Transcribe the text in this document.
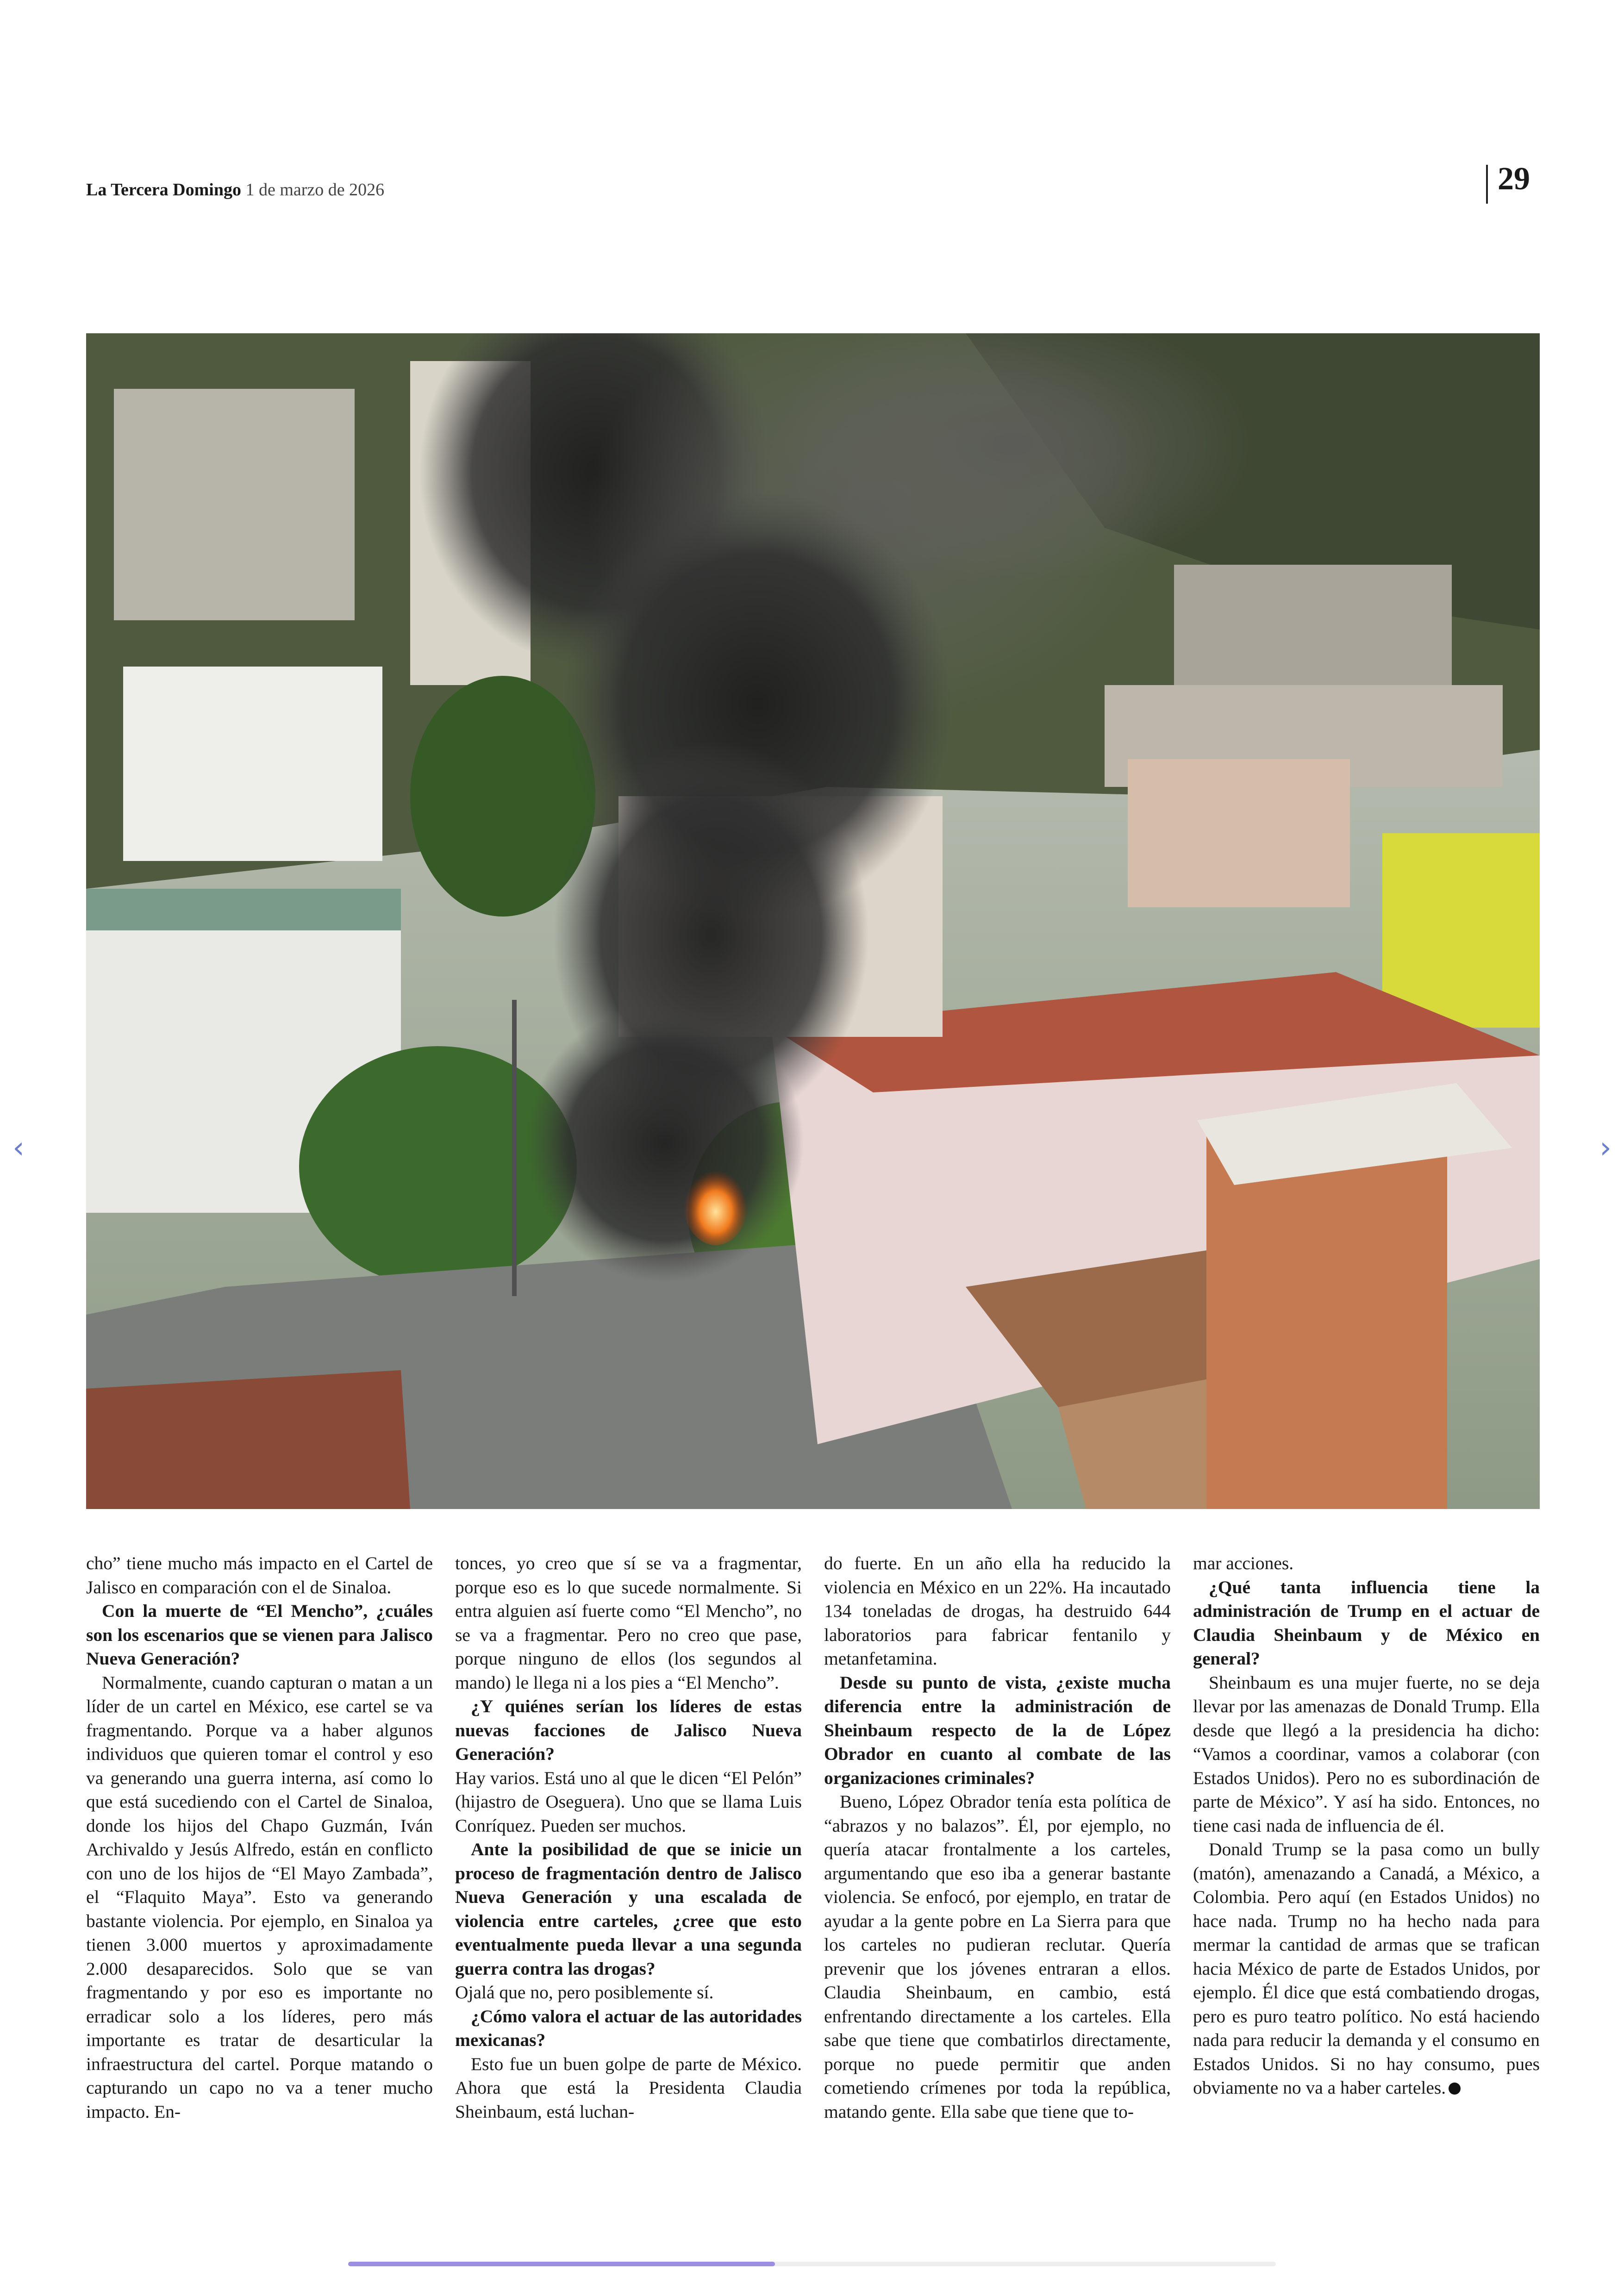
La Tercera Domingo 1 de marzo de 2026	29
‹	›

cho” tiene mucho más impacto en el Cartel de Jalisco en comparación con el de Sinaloa.

Con la muerte de “El Mencho”, ¿cuáles son los escenarios que se vienen para Jalisco Nueva Generación?

Normalmente, cuando capturan o matan a un líder de un cartel en México, ese cartel se va fragmentando. Porque va a haber algunos individuos que quieren tomar el control y eso va generando una guerra interna, así como lo que está sucediendo con el Cartel de Sinaloa, donde los hijos del Chapo Guzmán, Iván Archivaldo y Jesús Alfredo, están en conflicto con uno de los hijos de “El Mayo Zambada”, el “Flaquito Maya”. Esto va generando bastante violencia. Por ejemplo, en Sinaloa ya tienen 3.000 muertos y aproximadamente 2.000 desaparecidos. Solo que se van fragmentando y por eso es importante no erradicar solo a los líderes, pero más importante es tratar de desarticular la infraestructura del cartel. Porque matando o capturando un capo no va a tener mucho impacto. En-

tonces, yo creo que sí se va a fragmentar, porque eso es lo que sucede normalmente. Si entra alguien así fuerte como “El Mencho”, no se va a fragmentar. Pero no creo que pase, porque ninguno de ellos (los segundos al mando) le llega ni a los pies a “El Mencho”.

¿Y quiénes serían los líderes de estas nuevas facciones de Jalisco Nueva Generación?

Hay varios. Está uno al que le dicen “El Pelón” (hijastro de Oseguera). Uno que se llama Luis Conríquez. Pueden ser muchos.

Ante la posibilidad de que se inicie un proceso de fragmentación dentro de Jalisco Nueva Generación y una escalada de violencia entre carteles, ¿cree que esto eventualmente pueda llevar a una segunda guerra contra las drogas?

Ojalá que no, pero posiblemente sí.

¿Cómo valora el actuar de las autoridades mexicanas?

Esto fue un buen golpe de parte de México. Ahora que está la Presidenta Claudia Sheinbaum, está luchan-

do fuerte. En un año ella ha reducido la violencia en México en un 22%. Ha incautado 134 toneladas de drogas, ha destruido 644 laboratorios para fabricar fentanilo y metanfetamina.

Desde su punto de vista, ¿existe mucha diferencia entre la administración de Sheinbaum respecto de la de López Obrador en cuanto al combate de las organizaciones criminales?

Bueno, López Obrador tenía esta política de “abrazos y no balazos”. Él, por ejemplo, no quería atacar frontalmente a los carteles, argumentando que eso iba a generar bastante violencia. Se enfocó, por ejemplo, en tratar de ayudar a la gente pobre en La Sierra para que los carteles no pudieran reclutar. Quería prevenir que los jóvenes entraran a ellos. Claudia Sheinbaum, en cambio, está enfrentando directamente a los carteles. Ella sabe que tiene que combatirlos directamente, porque no puede permitir que anden cometiendo crímenes por toda la república, matando gente. Ella sabe que tiene que to-

mar acciones.

¿Qué tanta influencia tiene la administración de Trump en el actuar de Claudia Sheinbaum y de México en general?

Sheinbaum es una mujer fuerte, no se deja llevar por las amenazas de Donald Trump. Ella desde que llegó a la presidencia ha dicho: “Vamos a coordinar, vamos a colaborar (con Estados Unidos). Pero no es subordinación de parte de México”. Y así ha sido. Entonces, no tiene casi nada de influencia de él.

Donald Trump se la pasa como un bully (matón), amenazando a Canadá, a México, a Colombia. Pero aquí (en Estados Unidos) no hace nada. Trump no ha hecho nada para mermar la cantidad de armas que se trafican hacia México de parte de Estados Unidos, por ejemplo. Él dice que está combatiendo drogas, pero es puro teatro político. No está haciendo nada para reducir la demanda y el consumo en Estados Unidos. Si no hay consumo, pues obviamente no va a haber carteles.
